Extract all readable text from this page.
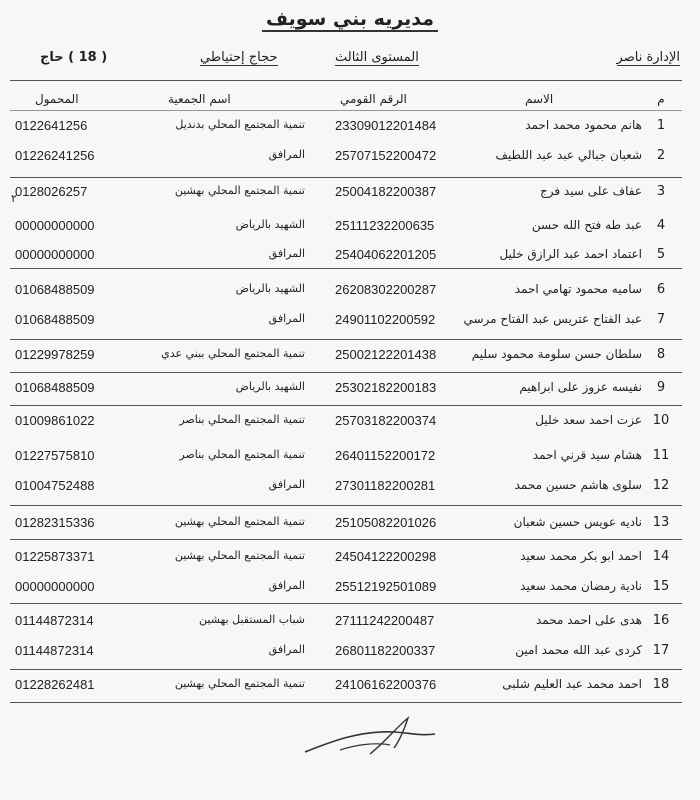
مديريه بني سويف
الإدارة ناصر
المستوى الثالث
حجاج إحتياطي
( 18 ) حاج
م
الاسم
الرقم القومي
اسم الجمعية
المحمول
٢
1
هانم محمود محمد احمد
23309012201484
تنمية المجتمع المحلي بدنديل
0122641256
2
شعبان جبالي عبد عبد اللطيف
25707152200472
المرافق
01226241256
3
عفاف على سيد فرج
25004182200387
تنمية المجتمع المحلي بهشين
0128026257
4
عبد طه فتح الله حسن
25111232200635
الشهيد بالرياض
00000000000
5
اعتماد احمد عبد الرازق خليل
25404062201205
المرافق
00000000000
6
ساميه محمود تهامي احمد
26208302200287
الشهيد بالرياض
01068488509
7
عبد الفتاح عتريس عبد الفتاح مرسي
24901102200592
المرافق
01068488509
8
سلطان حسن سلومة محمود سليم
25002122201438
تنمية المجتمع المحلي ببني عدي
01229978259
9
نفيسه عزوز على ابراهيم
25302182200183
الشهيد بالرياض
01068488509
10
عزت احمد سعد خليل
25703182200374
تنمية المجتمع المحلي بناصر
01009861022
11
هشام سيد قرني احمد
26401152200172
تنمية المجتمع المحلي بناصر
01227575810
12
سلوى هاشم حسين محمد
27301182200281
المرافق
01004752488
13
ناديه عويس حسين شعبان
25105082201026
تنمية المجتمع المحلي بهشين
01282315336
14
احمد ابو بكر محمد سعيد
24504122200298
تنمية المجتمع المحلي بهشين
01225873371
15
نادية رمضان محمد سعيد
25512192501089
المرافق
00000000000
16
هدى على احمد محمد
27111242200487
شباب المستقبل بهشين
01144872314
17
كردى عبد الله محمد امين
26801182200337
المرافق
01144872314
18
احمد محمد عبد العليم شلبى
24106162200376
تنمية المجتمع المحلي بهشين
01228262481
